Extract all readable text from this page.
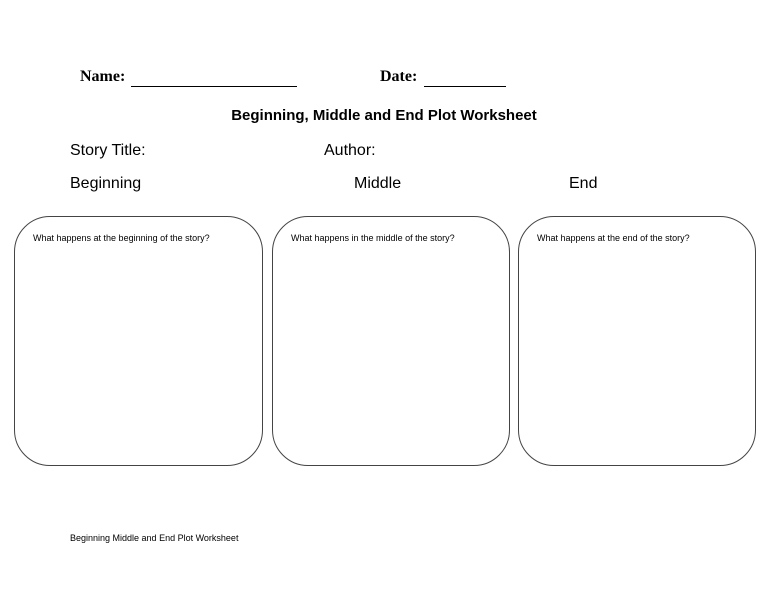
Name:	Date:
Beginning, Middle and End Plot Worksheet
Story Title:	Author:
Beginning	Middle	End
What happens at the beginning of the story?	What happens in the middle of the story?	What happens at the end of the story?
Beginning Middle and End Plot Worksheet
